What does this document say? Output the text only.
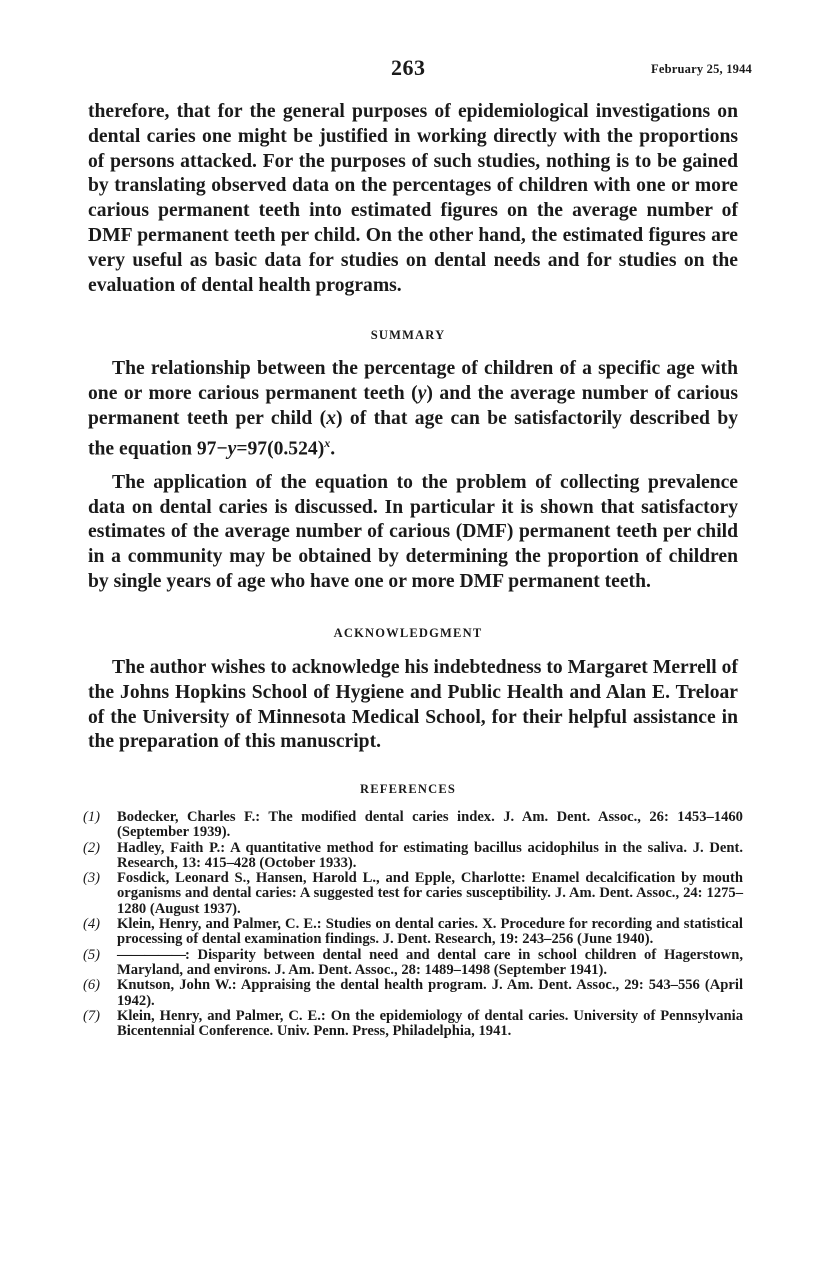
263	February 25, 1944

therefore, that for the general purposes of epidemiological investigations on dental caries one might be justified in working directly with the proportions of persons attacked. For the purposes of such studies, nothing is to be gained by translating observed data on the percentages of children with one or more carious permanent teeth into estimated figures on the average number of DMF permanent teeth per child. On the other hand, the estimated figures are very useful as basic data for studies on dental needs and for studies on the evaluation of dental health programs.

SUMMARY

The relationship between the percentage of children of a specific age with one or more carious permanent teeth (y) and the average number of carious permanent teeth per child (x) of that age can be satisfactorily described by the equation $97-y=97(0.524)^x$.

The application of the equation to the problem of collecting prevalence data on dental caries is discussed. In particular it is shown that satisfactory estimates of the average number of carious (DMF) permanent teeth per child in a community may be obtained by determining the proportion of children by single years of age who have one or more DMF permanent teeth.

ACKNOWLEDGMENT

The author wishes to acknowledge his indebtedness to Margaret Merrell of the Johns Hopkins School of Hygiene and Public Health and Alan E. Treloar of the University of Minnesota Medical School, for their helpful assistance in the preparation of this manuscript.

REFERENCES
(1) Bodecker, Charles F.: The modified dental caries index. J. Am. Dent. Assoc., 26: 1453–1460 (September 1939).
(2) Hadley, Faith P.: A quantitative method for estimating bacillus acidophilus in the saliva. J. Dent. Research, 13: 415–428 (October 1933).
(3) Fosdick, Leonard S., Hansen, Harold L., and Epple, Charlotte: Enamel decalcification by mouth organisms and dental caries: A suggested test for caries susceptibility. J. Am. Dent. Assoc., 24: 1275–1280 (August 1937).
(4) Klein, Henry, and Palmer, C. E.: Studies on dental caries. X. Procedure for recording and statistical processing of dental examination findings. J. Dent. Research, 19: 243–256 (June 1940).
(5) —————: Disparity between dental need and dental care in school children of Hagerstown, Maryland, and environs. J. Am. Dent. Assoc., 28: 1489–1498 (September 1941).
(6) Knutson, John W.: Appraising the dental health program. J. Am. Dent. Assoc., 29: 543–556 (April 1942).
(7) Klein, Henry, and Palmer, C. E.: On the epidemiology of dental caries. University of Pennsylvania Bicentennial Conference. Univ. Penn. Press, Philadelphia, 1941.
